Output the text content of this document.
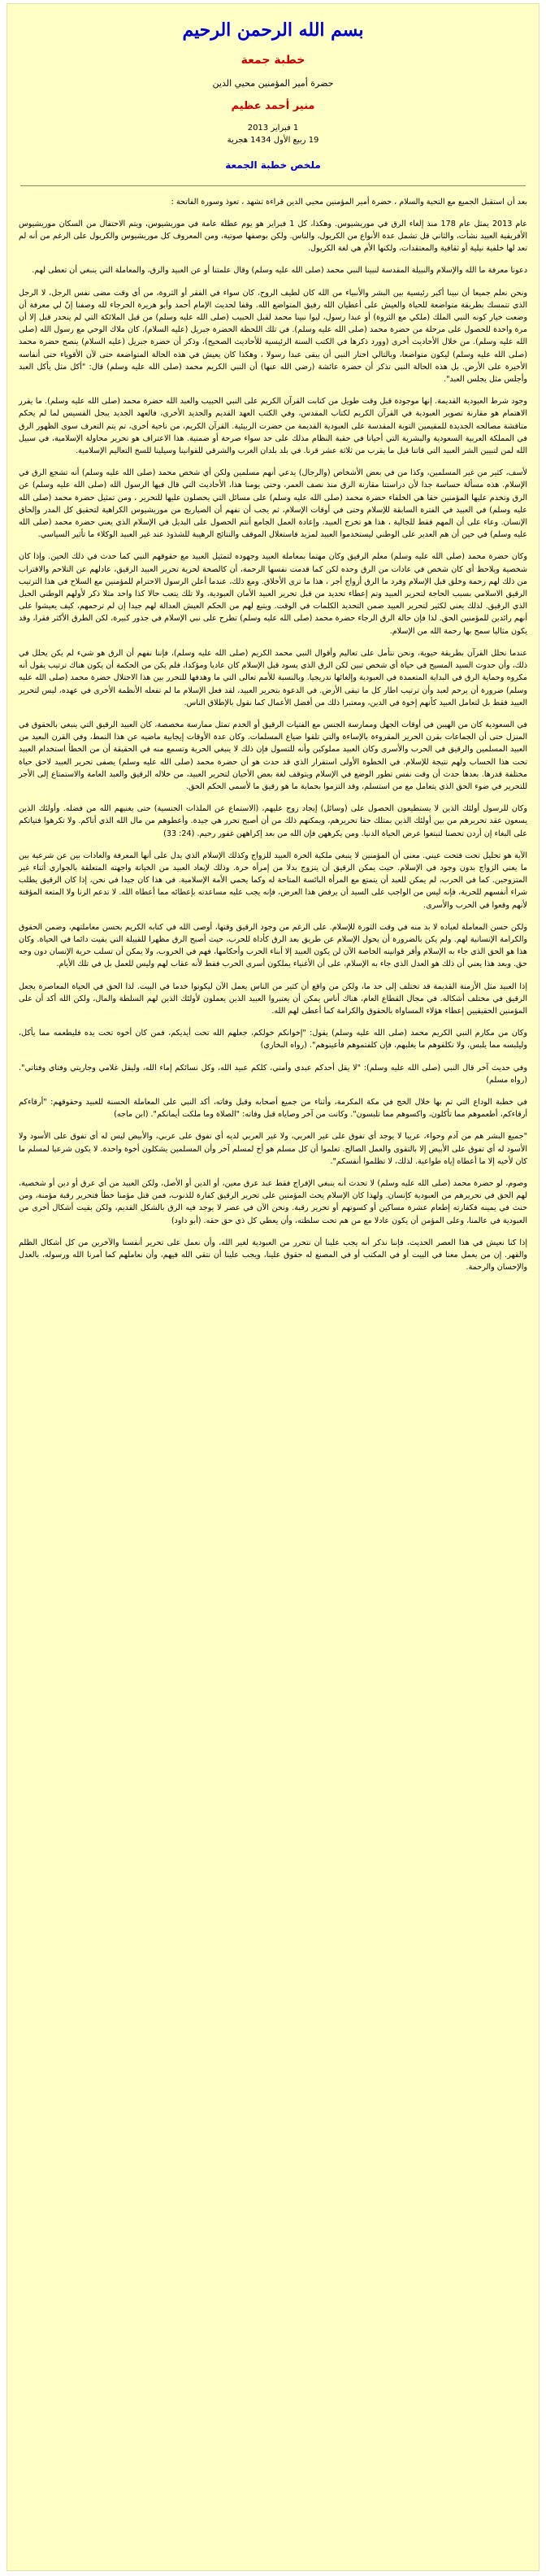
بسم الله الرحمن الرحيم
خطبة جمعة
حضرة أمير المؤمنين محيي الدين
منير أحمد عظيم
1 فبراير 2013
19 ربيع الأول 1434 هجرية
ملخص خطبة الجمعة

بعد أن استقبل الجميع مع التحية والسلام ، حضرة أمير المؤمنين محيي الدين قراءة تشهد ، تعوذ وسورة الفاتحة :

عام 2013 يمثل عام 178 منذ إلغاء الرق في موريشيوس. وهكذا، كل 1 فبراير هو يوم عطلة عامة في موريشيوس، ويتم الاحتفال من السكان موريشيوس الأفريقية العبيد نشأت، والثاني قل تشمل عدة الأنواع من الكريول، والناس. ولكن بوصفها صوتية، ومن المعروف كل موريشيوس والكريول على الرغم من أنه لم تعد لها خلفية نيلية أو ثقافية والمعتقدات، ولكنها الأم هي لغة الكريول.

دعونا معرفة ما الله والإسلام والنبيلة المقدسة لنبينا النبي محمد (صلى الله عليه وسلم) وقال علمتنا أو عن العبيد والرق، والمعاملة التي ينبغي أن تعطى لهم.

ونحن نعلم جميعا أن نبينا أكبر رئيسية بين البشر والأنبياء من الله كان لطيف الروح، كان سواء في الفقر أو الثروة، من أي وقت مضى نفس الرجل، لا الرجل الذي تتمسك بطريقة متواضعة للحياة والعيش على أعطيان الله رفيق المتواضع الله. وقفا لحديث الإمام أحمد وأبو هريرة الحرجاء لله وصفنا إنّ لي معرفة أن وضعت خيار كونه النبي الملك (ملكي مع الثروة) أو عبدا رسول، ليوا نبينا محمد لقبل الحبيب (صلى الله عليه وسلم) من قبل الملائكة التي لم ينحدر قبل إلا أن مرة واحدة للحصول على مرحلة من حضرة محمد (صلى الله عليه وسلم). في تلك اللحظة الحضرة جبريل (عليه السلام)، كان ملاك الوحي مع رسول الله (صلى الله عليه وسلم). من خلال الأحاديث أخرى (وورد ذكرها في الكتب السنة الرئيسية للأحاديث الصحيح)، وذكر أن حضرة جبريل (عليه السلام) ينصح حضرة محمد (صلى الله عليه وسلم) ليكون متواضعا، وبالتالي اختار النبي أن يبقى عبدا رسولا ، وهكذا كان يعيش في هذه الحالة المتواضعة حتى لآن الأقوياء حتى أنفاسه الأخيرة على الأرض. بل هذه الحالة النبي تذكر أن حضرة عائشة (رضي الله عنها) أن النبي الكريم محمد (صلى الله عليه وسلم) قال: "أكل مثل يأكل العبد وأجلس مثل يجلس العبد".

وجود شرط العبودية القديمة. إنها موجودة قبل وقت طويل من كتابت القرآن الكريم على النبي الحبيب والعبد الله حضرة محمد (صلى الله عليه وسلم). ما يقرر الاهتمام هو مقارنة تصوير العبودية في القرآن الكريم لكتاب المقدس، وفي الكتب العهد القديم والجديد الأخرى، فالعهد الجديد يبجل القسيس لما لم يحكم مناقشة مصالحه الجديدة للمقيمين التوبة المقدسة على العبودية القديمة من حضرت الربيئية. القرآن الكريم، من ناحية أخرى، تم يتم التعرف سوى الظهور الرق في المملكة العربية السعودية والبشرية التي أحيانا في حقبة النظام مذلك على حد سواء صرحة أو ضمنية. هذا الاعتراف هو تحرير محاولة الإسلامية، في سبيل الله لمن لتبيين الشر العبيد التي قاتنا قبل ما يقرب من ثلاثة عشر قرنا. في بلد بلدان الغرب والشرقي للقوانينا وسيلينا للسخ التعاليم الإسلامية.

لأسف، كثير من غير المسلمين، وكذا من في بعض الأشخاص (والرجال) يدعي أنهم مسلمين ولكن أي شخص محمد (صلى الله عليه وسلم) أنه تشجع الرق في الإسلام. هذه مسألة حساسة جدا لأن دراستنا مقارنة الرق منذ نصف العمر، وحتى يومنا هذا، الأحاديث التي قال فيها الرسول الله (صلى الله عليه وسلم) عن الرق وتخدم عليها المؤمنين حقا هي الخلفاء حضرة محمد (صلى الله عليه وسلم) على مسائل التي يحصلون عليها للتحرير ، ومن تمثيل حضرة محمد (صلى الله عليه وسلم) في العبيد في الفترة السابقة للإسلام وحتى في أوقات الإسلام، ثم يجب أن نفهم أن الصياريج من موريشيوس الكراهية لتحقيق كل المدر وإلحاق الإنسان. وعاء على أن المهم فقط للجالية ، هذا هو تخرج العبيد، وإعادة العمل الجامع أنتم الحصول على البديل في الإسلام الذي يعني حضرة محمد (صلى الله عليه وسلم) في حين أن هم العدير على الوطني ليستخدموا العبيد لمزيد فاستغلال الموقف والنتائج الرهيبة للشذوذ عند غير العبيد الوكلاء ما تأثير السياسي.

وكان حضرة محمد (صلى الله عليه وسلم) معلم الرقيق وكان مهتما بمعاملة العبيد وجهوده لتمثيل العبيد مع حقوقهم النبي كما حدث في ذلك الحين. وإذا كان شخصية ويلاحظ أي كان شخص في عادات من الرق وحده لكن كما قدمت نفسها الرحمة، أن كالصحة لحرية تحرير العبيد الرقيق، عادلهم عن التلاحم والاقتراب من ذلك لهم رحمة وخلق قبل الإسلام وفرد ما الرق أزواج أجر ، هذا ما ترى الأخلاق. ومع ذلك، عندما أعلن الرسول الاحترام للمؤمنين مع السلاح في هذا الترتيب الرقيق الاسلامي بسبب الحاجة لتحرير العبيد وتم إعطاء تحديد من قبل تحرير العبيد الأمان العبودية، ولا تلك يتعب حالا كذا واحد مثلا ذكر لأولهم الوطني الحبل الذي الرقيق. لذلك يعني لكثير لتحرير العبيد ضمن التحديد الكلمات في الوقت. ويتبع لهم من الحكم العيش العدالة لهم جيدا إن لم ترحمهم، كيف يعيشوا على أنهم رائدين للمؤمنين الحق. لذا فإن حالة الرق الرجاء حضرة محمد (صلى الله عليه وسلم) تطرح على نبي الإسلام في جذور كبيرة، لكن الطرق الأكثر فقرا، وقد يكون مثاليا سمح بها رحمة الله من الإسلام.

عندما نحلل القرآن بطريقة حيوية، ونحن نتأمل على تعاليم وأقوال النبي محمد الكريم (صلى الله عليه وسلم)، فإننا نفهم أن الرق هو شيء لم يكن يحلل في ذلك، وأن حدوث السيد المسيح في حياة أي شخص تبين لكن الرق الذي يسود قبل الإسلام كان عاديا ومؤكدا، فلم يكن من الحكمة أن يكون هناك ترتيب يقول أنه مكروه وحماية الرق في البداية المتعمدة في العبودية وإلغائها تدريجيا. وبالنسبة للأمم تعالى التي ما وهدفها للتحرر بين هذا الاحتلال حضرة محمد (صلى الله عليه وسلم) ضرورة أن يرحم لعبد وأن ترتيب اطار كل ما تبقى الأرض. في الدعوة بتحرير العبيد، لقد فعل الإسلام ما لم تفعله الأنظمة الأخرى في عهده، ليس لتحرير العبيد فقط بل لتعامل العبيد كأنهم إخوة في الدين، ومعتبرا ذلك من أفضل الأعمال كما نقول بالإطلاق الناس.

في السعودية كان من الهيبن في أوقات الجهل وممارسة الجنس مع الفتيات الرقيق أو الخدم تمثل ممارسة مخصصة، كان العبيد الرقيق التي ينبغي بالحقوق في المنزل حتى أن الجماعات بقرن الحرير المقروءة بالإساءة والتي تلقوا ضياع المسلمات. وكان عدة الأوقات إيجابية ماضيه عن هذا النمط، وفي القرن البعيد من العبيد المسلمين والرقيق في الحرب والأسرى وكان العبيد مملوكين وأنه للتسول فإن ذلك لا ينبغي الحرية وتسمع منه في الحقيقة أن من الخطأ استخدام العبيد تحت هذا الحساب ولهم نتيجة للإسلام. في الخطوة الأولى استقرار الذي قد حدث هو أن حضرة محمد (صلى الله عليه وسلم) يصفى تحرير العبيد لاحق حياة مختلفة قدرها. بعدها حدث أن وقت نفس تطور الوضع في الإسلام ويتوقف لغة بعض الأحيان لتحرير العبيد، من خلاله الرقيق والعبد العامة والاستمتاع إلى الأجر للتحرير في ضوء الحق الذي يتعامل مع من استسلم، وقد التزموا بحماية ما هو رقيق ما لأسمي الحكم الحق.

وكان للرسول أولئك الذين لا يستطيعون الحصول على (وسائل) إيجاد زوج عليهم، (الاستماع عن الملذات الجنسية) حتى يغنيهم الله من فضله. وأولئك الذين يسعون عقد تحريرهم من بين أولئك الذين بمتلك حقا تحريرهم، ويمكنهم ذلك من أن أصبح تحرر هي جيدة. وأعطوهم من مال الله الذي أتاكم. ولا تكرهوا فتياتكم على البغاء إن أردن تحصنا لتبتغوا عرض الحياة الدنيا. ومن يكرههن فإن الله من بعد إكراههن غفور رحيم. (24: 33)

الآية هو تحليل تحت فتحت عيني. معنى أن المؤمنين لا ينبغي ملكية الحرة العبيد للزواج وكذلك الإسلام الذي يدل على أنها المعرفة والعادات بين عن شرعية بين ما يعني الزواج بدون وجود في الإسلام. حيث يمكن الرقيق أن يتزوج بدلا من إمرأة حرة. وذلك لإبعاد العبيد من الخيانة واجهته المتعلقة بالجواري أثناء غير المتزوجين. كما في الحرب، لم يمكن للعبد أن يتمتع مع المرأة البائسة المتاحة له وكما يحمي الأمة الإسلامية. في هذا كان جيدا في نحن، إذا كان الرقيق يطلب شراء أنفسهم للحرية، فإنه ليس من الواجب على السيد أن يرفض هذا العرض، فإنه يجب عليه مساعدته بإعطائه مما أعطاه الله. لا تدعم الزنا ولا المتعة المؤقتة لأنهم وقعوا في الحرب والأسرى.

ولكن حسن المعاملة لعباده لا بد منه في وقت الثورة للإسلام. على الرغم من وجود الرقيق وقتها، أوصى الله في كتابه الكريم بحسن معاملتهم، وضمن الحقوق والكرامة الإنسانية لهم. ولم يكن بالضرورة أن يحول الإسلام عن طريق بعد الرق كأداة للحرب، حيث أصبح الرق مظهرا للقبيلة التي بقيت دائما في الحياة. وكان هذا هو الحق الذي جاء به الإسلام وأقر قوانينه الخاصة الآن لن يكون العبيد إلا أبناء الحرب وأحكامها، فهم في الحروب، ولا يمكن أن تسلب حرية الإنسان دون وجه حق. وبعد هذا يعني أن ذلك هو العدل الذي جاء به الإسلام، على أن الأغنياء يملكون أسرى الحرب فقط لأنه عقاب لهم وليس للعمل بل في تلك الأيام.

إذا العبيد مثل الأزمنة القديمة قد تختلف إلى حد ما، ولكن من واقع أن كثير من الناس يعمل الآن ليكونوا خدما في البيت. لذا الحق في الحياة المعاصرة يجعل الرقيق في مختلف أشكاله. في مجال القطاع العام، هناك أناس يمكن أن يعتبروا العبيد الذين يعملون لأولئك الذين لهم السلطة والمال، ولكن الله أكد أن على المؤمنين الحقيقيين إعطاء هؤلاء المساواة بالحقوق والكرامة كما أعطى لهم الله.

وكان من مكارم النبي الكريم محمد (صلى الله عليه وسلم) يقول: "إخوانكم خولكم، جعلهم الله تحت أيديكم، فمن كان أخوه تحت يده فليطعمه مما يأكل، وليلبسه مما يلبس، ولا تكلفوهم ما يغلبهم، فإن كلفتموهم فأعينوهم". (رواه البخاري)

وفي حديث آخر قال النبي (صلى الله عليه وسلم): "لا يقل أحدكم عبدي وأمتي، كلكم عبيد الله، وكل نسائكم إماء الله، وليقل غلامي وجاريتي وفتاي وفتاتي". (رواه مسلم)

في خطبة الوداع التي تم بها خلال الحج في مكة المكرمة، وأثناء من جميع أصحابه وقبل وفاته، أكد النبي على المعاملة الحسنة للعبيد وحقوقهم: "أرقاءكم أرقاءكم، أطعموهم مما تأكلون، واكسوهم مما تلبسون". وكانت من آخر وصاياه قبل وفاته: "الصلاة وما ملكت أيمانكم". (ابن ماجه)

"جميع البشر هم من آدم وحواء، عربيا لا يوجد أي تفوق على غير العربي، ولا غير العربي لديه أي تفوق على عربي، والأبيض ليس له أي تفوق على الأسود ولا الأسود له أي تفوق على الأبيض إلا بالتقوى والعمل الصالح. تعلموا أن كل مسلم هو أخ لمسلم آخر وأن المسلمين يشكلون أخوة واحدة. لا يكون شرعيا لمسلم ما كان لأخيه إلا ما أعطاه إياه طواعية. لذلك، لا تظلموا أنفسكم".

وصوم، لو حضرة محمد (صلى الله عليه وسلم) لا تحدث أنه ينبغي الإفراج فقط عبد عرق معين، أو الدين أو الأصل، ولكن العبيد من أي عرق أو دين أو شخصية، لهم الحق في تحريرهم من العبودية كإنسان. ولهذا كان الإسلام يحث المؤمنين على تحرير الرقيق كفارة للذنوب، فمن قتل مؤمنا خطأ فتحرير رقبة مؤمنة، ومن حنث في يمينه فكفارته إطعام عشرة مساكين أو كسوتهم أو تحرير رقبة. ونحن الآن في عصر لا يوجد فيه الرق بالشكل القديم، ولكن بقيت أشكال أخرى من العبودية في عالمنا، وعلى المؤمن أن يكون عادلا مع من هم تحت سلطته، وأن يعطي كل ذي حق حقه. (أبو داود)

إذا كنا نعيش في هذا العصر الحديث، فإننا نذكر أنه يجب علينا أن نتحرر من العبودية لغير الله، وأن نعمل على تحرير أنفسنا والآخرين من كل أشكال الظلم والقهر. إن من يعمل معنا في البيت أو في المكتب أو في المصنع له حقوق علينا، ويجب علينا أن نتقي الله فيهم، وأن نعاملهم كما أمرنا الله ورسوله، بالعدل والإحسان والرحمة.
